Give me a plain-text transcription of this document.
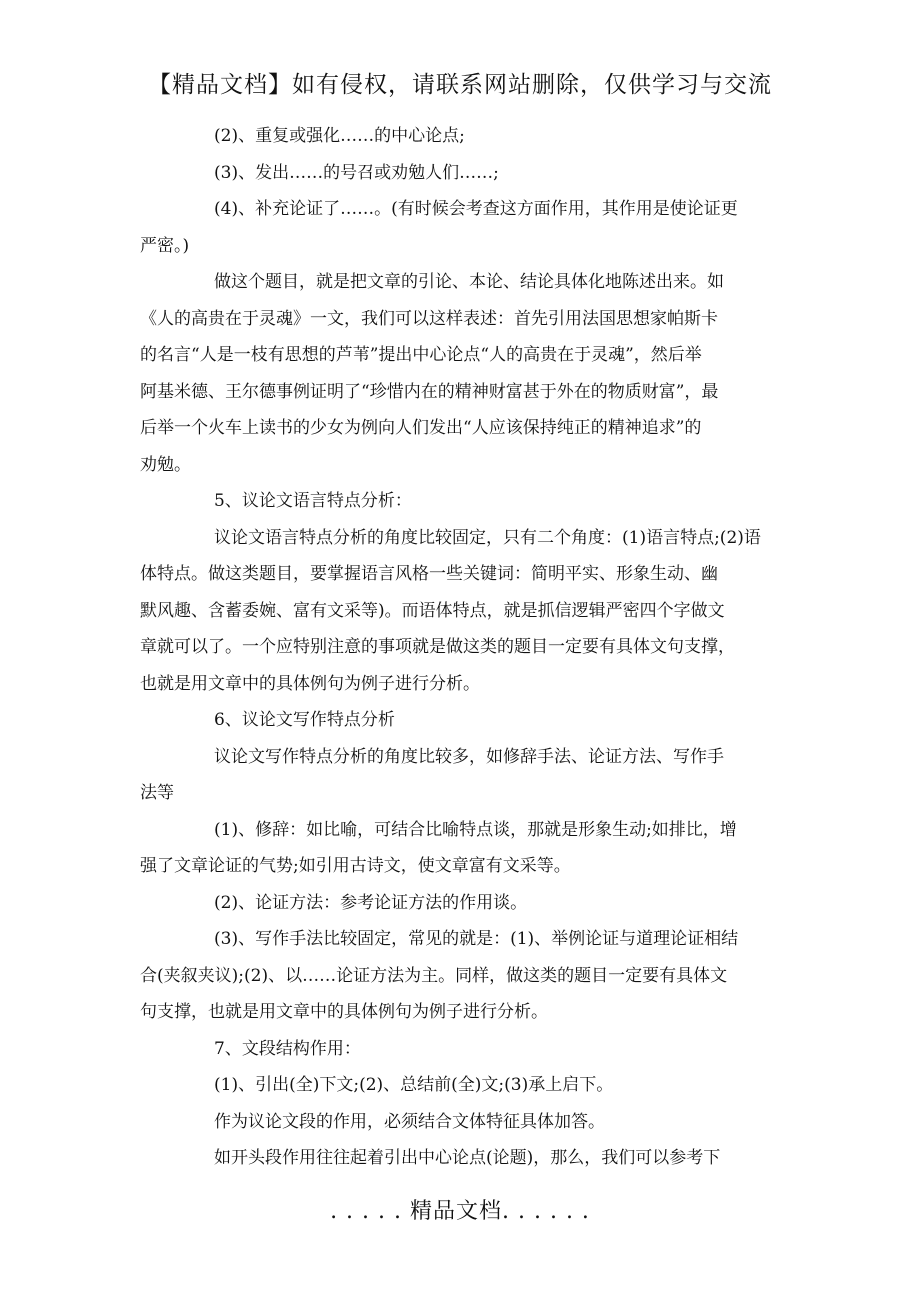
【精品文档】如有侵权，请联系网站删除，仅供学习与交流
(2)、重复或强化……的中心论点;
(3)、发出……的号召或劝勉人们……;
(4)、补充论证了……。(有时候会考查这方面作用，其作用是使论证更
严密。)
做这个题目，就是把文章的引论、本论、结论具体化地陈述出来。如
《人的高贵在于灵魂》一文，我们可以这样表述：首先引用法国思想家帕斯卡
的名言“人是一枝有思想的芦苇”提出中心论点“人的高贵在于灵魂”，然后举
阿基米德、王尔德事例证明了“珍惜内在的精神财富甚于外在的物质财富”，最
后举一个火车上读书的少女为例向人们发出“人应该保持纯正的精神追求”的
劝勉。
5、议论文语言特点分析：
议论文语言特点分析的角度比较固定，只有二个角度：(1)语言特点;(2)语
体特点。做这类题目，要掌握语言风格一些关键词：简明平实、形象生动、幽
默风趣、含蓄委婉、富有文采等)。而语体特点，就是抓信逻辑严密四个字做文
章就可以了。一个应特别注意的事项就是做这类的题目一定要有具体文句支撑，
也就是用文章中的具体例句为例子进行分析。
6、议论文写作特点分析
议论文写作特点分析的角度比较多，如修辞手法、论证方法、写作手
法等
(1)、修辞：如比喻，可结合比喻特点谈，那就是形象生动;如排比，增
强了文章论证的气势;如引用古诗文，使文章富有文采等。
(2)、论证方法：参考论证方法的作用谈。
(3)、写作手法比较固定，常见的就是：(1)、举例论证与道理论证相结
合(夹叙夹议);(2)、以……论证方法为主。同样，做这类的题目一定要有具体文
句支撑，也就是用文章中的具体例句为例子进行分析。
7、文段结构作用：
(1)、引出(全)下文;(2)、总结前(全)文;(3)承上启下。
作为议论文段的作用，必须结合文体特征具体加答。
如开头段作用往往起着引出中心论点(论题)，那么，我们可以参考下
. . . . . 精品文档. . . . . .
